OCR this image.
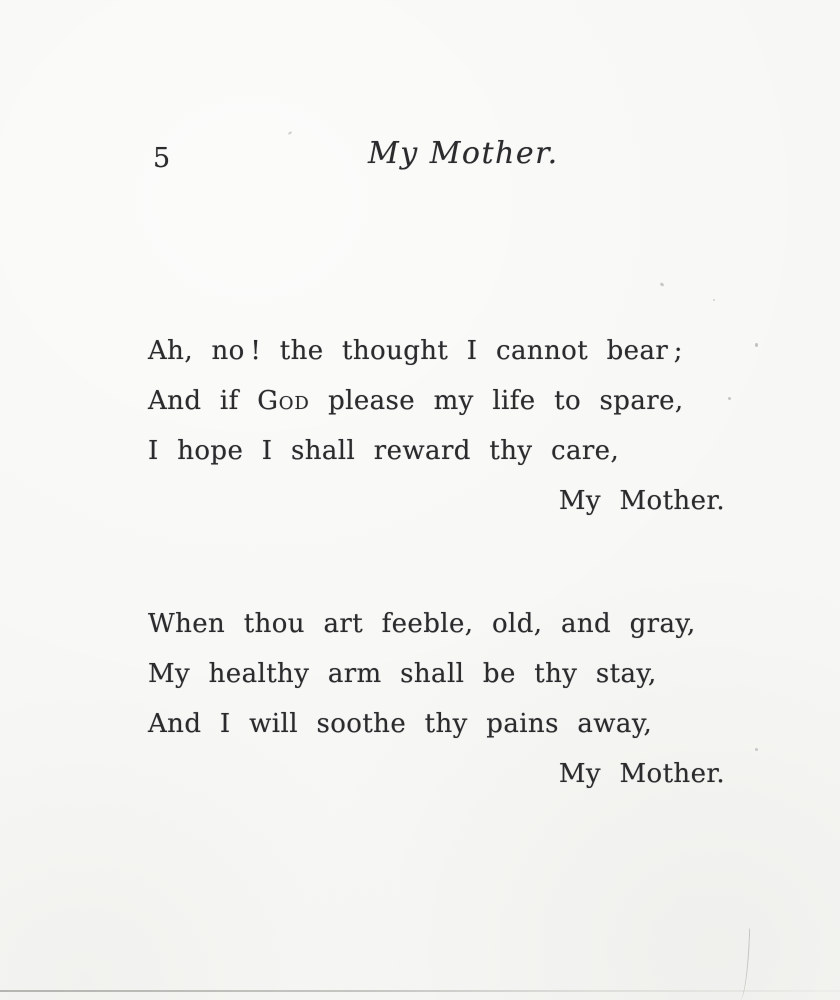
5	My Mother.
Ah, no ! the thought I cannot bear ;
And if God please my life to spare,
I hope I shall reward thy care,
My Mother.
When thou art feeble, old, and gray,
My healthy arm shall be thy stay,
And I will soothe thy pains away,
My Mother.
